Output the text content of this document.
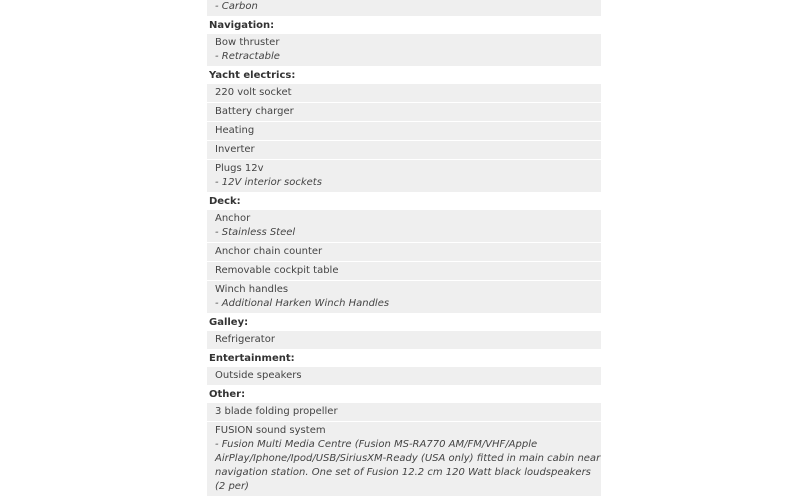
- Carbon
Navigation:
Bow thruster
- Retractable
Yacht electrics:
220 volt socket
Battery charger
Heating
Inverter
Plugs 12v
- 12V interior sockets
Deck:
Anchor
- Stainless Steel
Anchor chain counter
Removable cockpit table
Winch handles
- Additional Harken Winch Handles
Galley:
Refrigerator
Entertainment:
Outside speakers
Other:
3 blade folding propeller
FUSION sound system
- Fusion Multi Media Centre (Fusion MS-RA770 AM/FM/VHF/Apple AirPlay/Iphone/Ipod/USB/SiriusXM-Ready (USA only) fitted in main cabin near navigation station. One set of Fusion 12.2 cm 120 Watt black loudspeakers (2 per)
